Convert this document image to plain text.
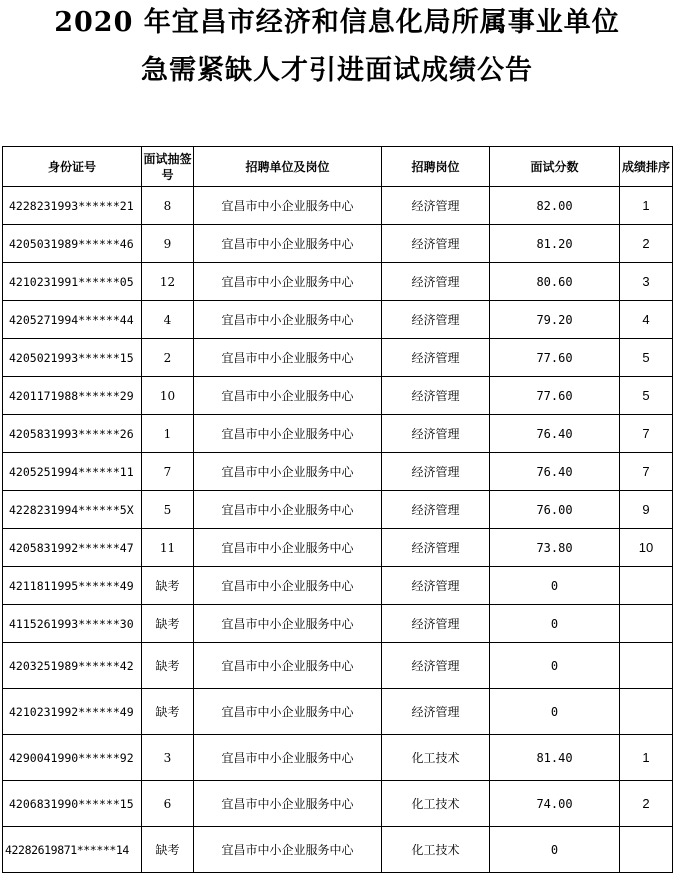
2020 年宜昌市经济和信息化局所属事业单位
急需紧缺人才引进面试成绩公告
身份证号	面试抽签号	招聘单位及岗位	招聘岗位	面试分数	成绩排序
4228231993******21	8	宜昌市中小企业服务中心	经济管理	82.00	1
4205031989******46	9	宜昌市中小企业服务中心	经济管理	81.20	2
4210231991******05	12	宜昌市中小企业服务中心	经济管理	80.60	3
4205271994******44	4	宜昌市中小企业服务中心	经济管理	79.20	4
4205021993******15	2	宜昌市中小企业服务中心	经济管理	77.60	5
4201171988******29	10	宜昌市中小企业服务中心	经济管理	77.60	5
4205831993******26	1	宜昌市中小企业服务中心	经济管理	76.40	7
4205251994******11	7	宜昌市中小企业服务中心	经济管理	76.40	7
4228231994******5X	5	宜昌市中小企业服务中心	经济管理	76.00	9
4205831992******47	11	宜昌市中小企业服务中心	经济管理	73.80	10
4211811995******49	缺考	宜昌市中小企业服务中心	经济管理	0	
4115261993******30	缺考	宜昌市中小企业服务中心	经济管理	0	
4203251989******42	缺考	宜昌市中小企业服务中心	经济管理	0	
4210231992******49	缺考	宜昌市中小企业服务中心	经济管理	0	
4290041990******92	3	宜昌市中小企业服务中心	化工技术	81.40	1
4206831990******15	6	宜昌市中小企业服务中心	化工技术	74.00	2
42282619871******14	缺考	宜昌市中小企业服务中心	化工技术	0	
